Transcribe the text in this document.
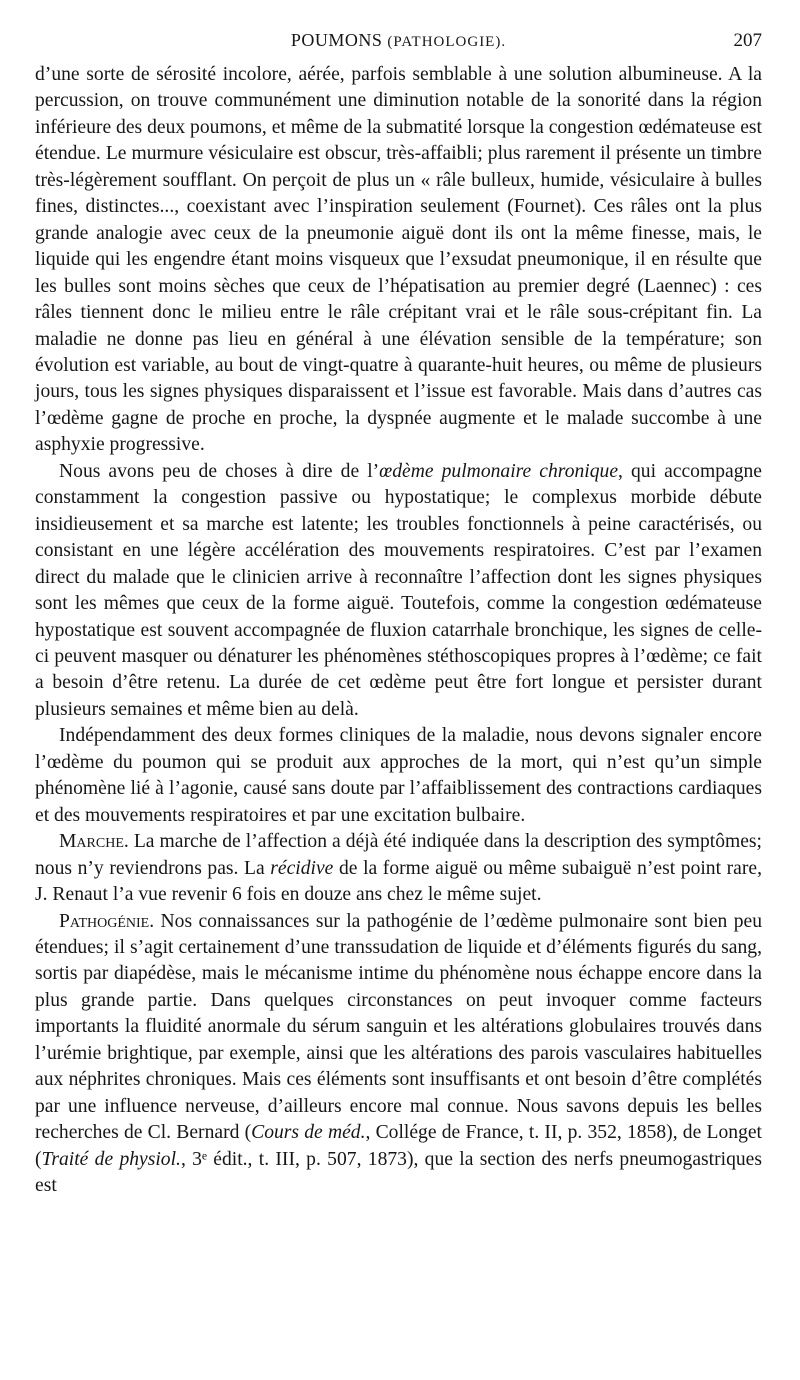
POUMONS (PATHOLOGIE).	207

d’une sorte de sérosité incolore, aérée, parfois semblable à une solution albumineuse. A la percussion, on trouve communément une diminution notable de la sonorité dans la région inférieure des deux poumons, et même de la submatité lorsque la congestion œdémateuse est étendue. Le murmure vésiculaire est obscur, très-affaibli; plus rarement il présente un timbre très-légèrement soufflant. On perçoit de plus un « râle bulleux, humide, vésiculaire à bulles fines, distinctes..., coexistant avec l’inspiration seulement (Fournet). Ces râles ont la plus grande analogie avec ceux de la pneumonie aiguë dont ils ont la même finesse, mais, le liquide qui les engendre étant moins visqueux que l’exsudat pneumonique, il en résulte que les bulles sont moins sèches que ceux de l’hépatisation au premier degré (Laennec) : ces râles tiennent donc le milieu entre le râle crépitant vrai et le râle sous-crépitant fin. La maladie ne donne pas lieu en général à une élévation sensible de la température; son évolution est variable, au bout de vingt-quatre à quarante-huit heures, ou même de plusieurs jours, tous les signes physiques disparaissent et l’issue est favorable. Mais dans d’autres cas l’œdème gagne de proche en proche, la dyspnée augmente et le malade succombe à une asphyxie progressive.

Nous avons peu de choses à dire de l’œdème pulmonaire chronique, qui accompagne constamment la congestion passive ou hypostatique; le complexus morbide débute insidieusement et sa marche est latente; les troubles fonctionnels à peine caractérisés, ou consistant en une légère accélération des mouvements respiratoires. C’est par l’examen direct du malade que le clinicien arrive à reconnaître l’affection dont les signes physiques sont les mêmes que ceux de la forme aiguë. Toutefois, comme la congestion œdémateuse hypostatique est souvent accompagnée de fluxion catarrhale bronchique, les signes de celle-ci peuvent masquer ou dénaturer les phénomènes stéthoscopiques propres à l’œdème; ce fait a besoin d’être retenu. La durée de cet œdème peut être fort longue et persister durant plusieurs semaines et même bien au delà.

Indépendamment des deux formes cliniques de la maladie, nous devons signaler encore l’œdème du poumon qui se produit aux approches de la mort, qui n’est qu’un simple phénomène lié à l’agonie, causé sans doute par l’affaiblissement des contractions cardiaques et des mouvements respiratoires et par une excitation bulbaire.

Marche. La marche de l’affection a déjà été indiquée dans la description des symptômes; nous n’y reviendrons pas. La récidive de la forme aiguë ou même subaiguë n’est point rare, J. Renaut l’a vue revenir 6 fois en douze ans chez le même sujet.

Pathogénie. Nos connaissances sur la pathogénie de l’œdème pulmonaire sont bien peu étendues; il s’agit certainement d’une transsudation de liquide et d’éléments figurés du sang, sortis par diapédèse, mais le mécanisme intime du phénomène nous échappe encore dans la plus grande partie. Dans quelques circonstances on peut invoquer comme facteurs importants la fluidité anormale du sérum sanguin et les altérations globulaires trouvés dans l’urémie brightique, par exemple, ainsi que les altérations des parois vasculaires habituelles aux néphrites chroniques. Mais ces éléments sont insuffisants et ont besoin d’être complétés par une influence nerveuse, d’ailleurs encore mal connue. Nous savons depuis les belles recherches de Cl. Bernard (Cours de méd., Collége de France, t. II, p. 352, 1858), de Longet (Traité de physiol., 3ᵉ édit., t. III, p. 507, 1873), que la section des nerfs pneumogastriques est
